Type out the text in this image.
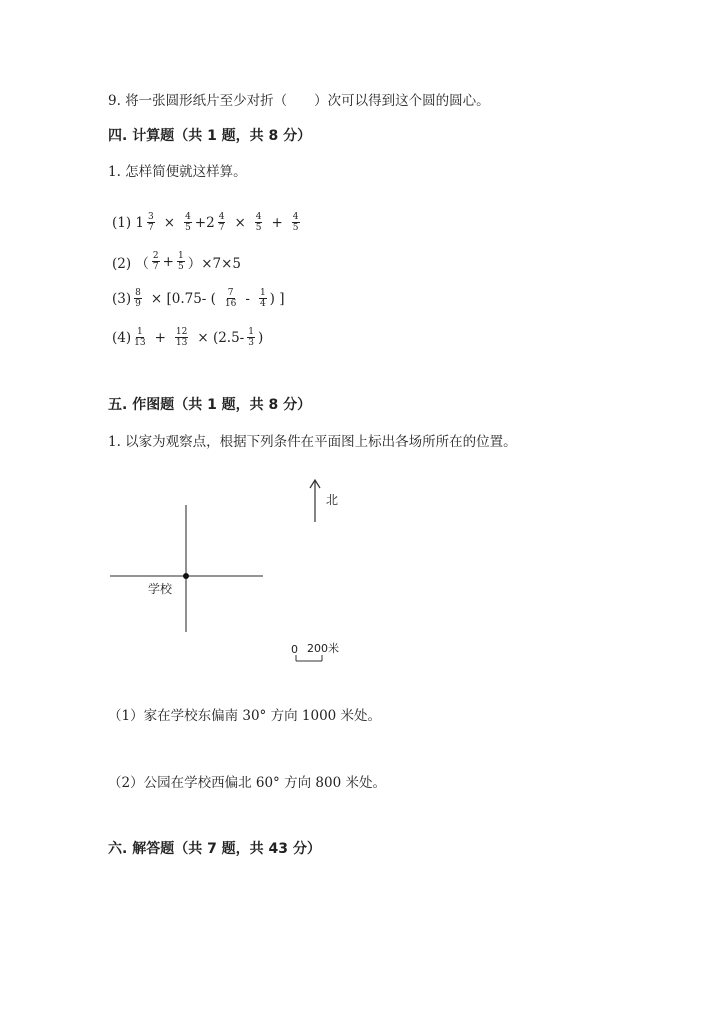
9. 将一张圆形纸片至少对折（　　）次可以得到这个圆的圆心。
四. 计算题（共 1 题，共 8 分）
1. 怎样简便就这样算。
(1) 1 3
7 × 4
5 +2 4
7 × 4
5 + 4
5
(2) （ 2
$7 + \frac{1}{5} )\times 7\times 5$
(3) 8
9 × [0.75- ( 7
16 - 1
4 ) ]
(4) 1
13 + 12
13 × (2.5- 1
3 )
五. 作图题（共 1 题，共 8 分）
1. 以家为观察点，根据下列条件在平面图上标出各场所所在的位置。
北
学校
0 200米
（1）家在学校东偏南 30° 方向 1000 米处。
（2）公园在学校西偏北 60° 方向 800 米处。
六. 解答题（共 7 题，共 43 分）
